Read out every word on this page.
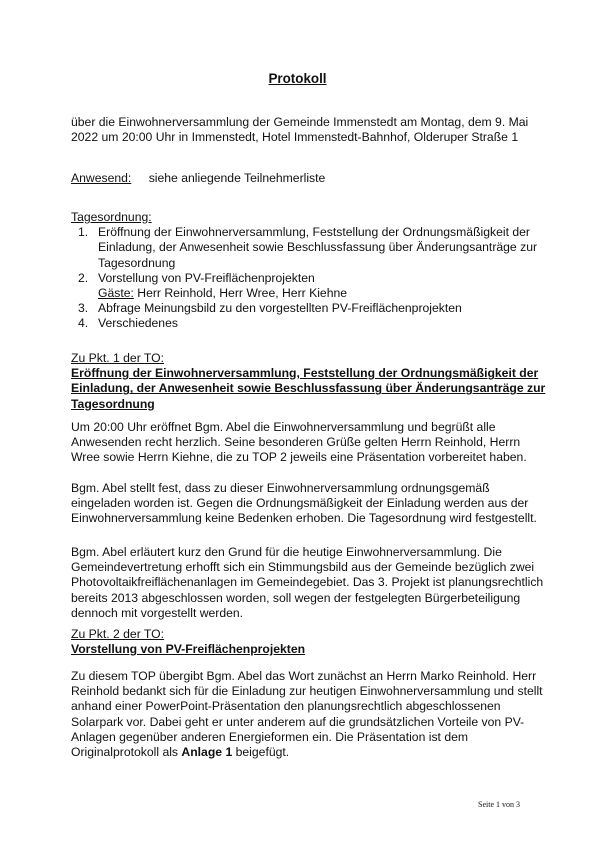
Protokoll
über die Einwohnerversammlung der Gemeinde Immenstedt am Montag, dem 9. Mai 2022 um 20:00 Uhr in Immenstedt, Hotel Immenstedt-Bahnhof, Olderuper Straße 1
Anwesend: siehe anliegende Teilnehmerliste
Tagesordnung:
1. Eröffnung der Einwohnerversammlung, Feststellung der Ordnungsmäßigkeit der Einladung, der Anwesenheit sowie Beschlussfassung über Änderungsanträge zur Tagesordnung
2. Vorstellung von PV-Freiflächenprojekten
Gäste: Herr Reinhold, Herr Wree, Herr Kiehne
3. Abfrage Meinungsbild zu den vorgestellten PV-Freiflächenprojekten
4. Verschiedenes
Zu Pkt. 1 der TO:
Eröffnung der Einwohnerversammlung, Feststellung der Ordnungsmäßigkeit der Einladung, der Anwesenheit sowie Beschlussfassung über Änderungsanträge zur Tagesordnung
Um 20:00 Uhr eröffnet Bgm. Abel die Einwohnerversammlung und begrüßt alle Anwesenden recht herzlich. Seine besonderen Grüße gelten Herrn Reinhold, Herrn Wree sowie Herrn Kiehne, die zu TOP 2 jeweils eine Präsentation vorbereitet haben.
Bgm. Abel stellt fest, dass zu dieser Einwohnerversammlung ordnungsgemäß eingeladen worden ist. Gegen die Ordnungsmäßigkeit der Einladung werden aus der Einwohnerversammlung keine Bedenken erhoben. Die Tagesordnung wird festgestellt.
Bgm. Abel erläutert kurz den Grund für die heutige Einwohnerversammlung. Die Gemeindevertretung erhofft sich ein Stimmungsbild aus der Gemeinde bezüglich zwei Photovoltaikfreiflächenanlagen im Gemeindegebiet. Das 3. Projekt ist planungsrechtlich bereits 2013 abgeschlossen worden, soll wegen der festgelegten Bürgerbeteiligung dennoch mit vorgestellt werden.
Zu Pkt. 2 der TO:
Vorstellung von PV-Freiflächenprojekten
Zu diesem TOP übergibt Bgm. Abel das Wort zunächst an Herrn Marko Reinhold. Herr Reinhold bedankt sich für die Einladung zur heutigen Einwohnerversammlung und stellt anhand einer PowerPoint-Präsentation den planungsrechtlich abgeschlossenen Solarpark vor. Dabei geht er unter anderem auf die grundsätzlichen Vorteile von PV-Anlagen gegenüber anderen Energieformen ein. Die Präsentation ist dem Originalprotokoll als Anlage 1 beigefügt.
Seite 1 von 3
